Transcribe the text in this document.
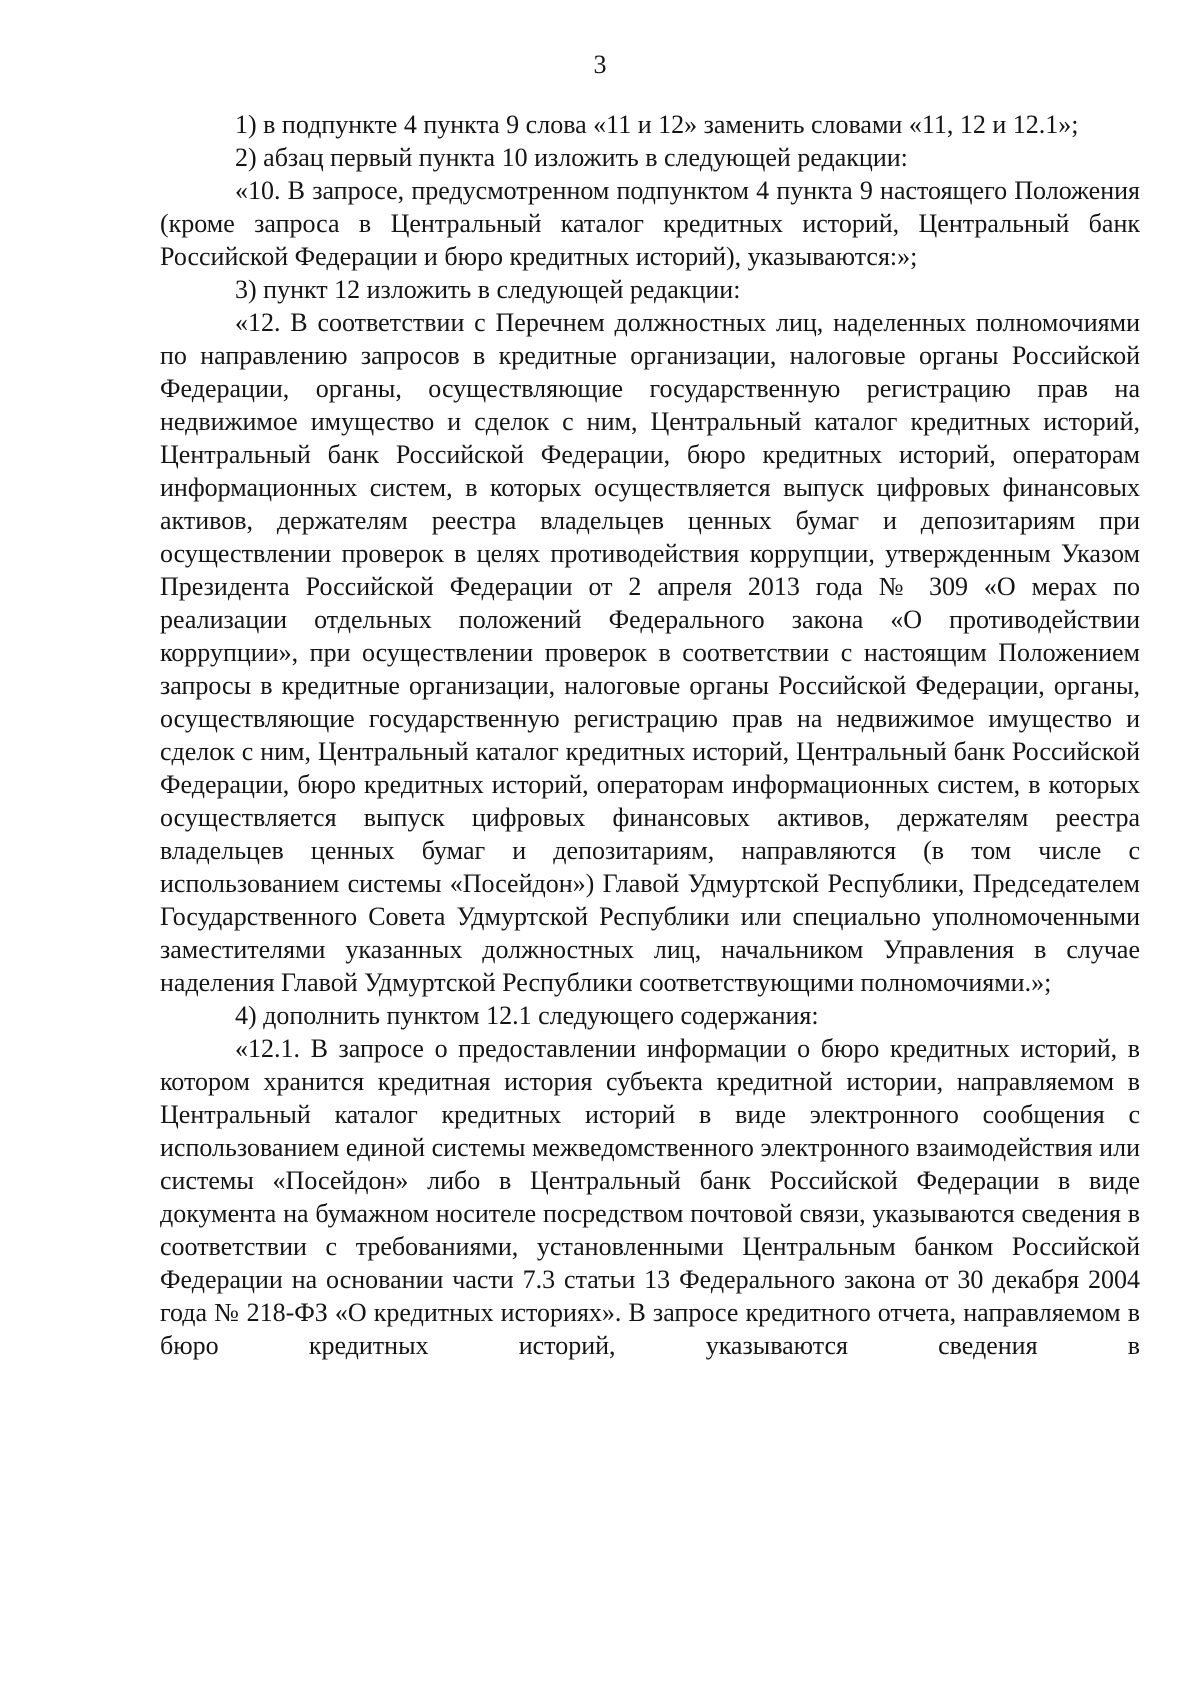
3

1) в подпункте 4 пункта 9 слова «11 и 12» заменить словами «11, 12 и 12.1»;

2) абзац первый пункта 10 изложить в следующей редакции:

«10. В запросе, предусмотренном подпунктом 4 пункта 9 настоящего Положения (кроме запроса в Центральный каталог кредитных историй, Центральный банк Российской Федерации и бюро кредитных историй), указываются:»;

3) пункт 12 изложить в следующей редакции:

«12. В соответствии с Перечнем должностных лиц, наделенных полномочиями по направлению запросов в кредитные организации, налоговые органы Российской Федерации, органы, осуществляющие государственную регистрацию прав на недвижимое имущество и сделок с ним, Центральный каталог кредитных историй, Центральный банк Российской Федерации, бюро кредитных историй, операторам информационных систем, в которых осуществляется выпуск цифровых финансовых активов, держателям реестра владельцев ценных бумаг и депозитариям при осуществлении проверок в целях противодействия коррупции, утвержденным Указом Президента Российской Федерации от 2 апреля 2013 года № 309 «О мерах по реализации отдельных положений Федерального закона «О противодействии коррупции», при осуществлении проверок в соответствии с настоящим Положением запросы в кредитные организации, налоговые органы Российской Федерации, органы, осуществляющие государственную регистрацию прав на недвижимое имущество и сделок с ним, Центральный каталог кредитных историй, Центральный банк Российской Федерации, бюро кредитных историй, операторам информационных систем, в которых осуществляется выпуск цифровых финансовых активов, держателям реестра владельцев ценных бумаг и депозитариям, направляются (в том числе с использованием системы «Посейдон») Главой Удмуртской Республики, Председателем Государственного Совета Удмуртской Республики или специально уполномоченными заместителями указанных должностных лиц, начальником Управления в случае наделения Главой Удмуртской Республики соответствующими полномочиями.»;

4) дополнить пунктом 12.1 следующего содержания:

«12.1. В запросе о предоставлении информации о бюро кредитных историй, в котором хранится кредитная история субъекта кредитной истории, направляемом в Центральный каталог кредитных историй в виде электронного сообщения с использованием единой системы межведомственного электронного взаимодействия или системы «Посейдон» либо в Центральный банк Российской Федерации в виде документа на бумажном носителе посредством почтовой связи, указываются сведения в соответствии с требованиями, установленными Центральным банком Российской Федерации на основании части 7.3 статьи 13 Федерального закона от 30 декабря 2004 года № 218-ФЗ «О кредитных историях». В запросе кредитного отчета, направляемом в бюро кредитных историй, указываются сведения в
